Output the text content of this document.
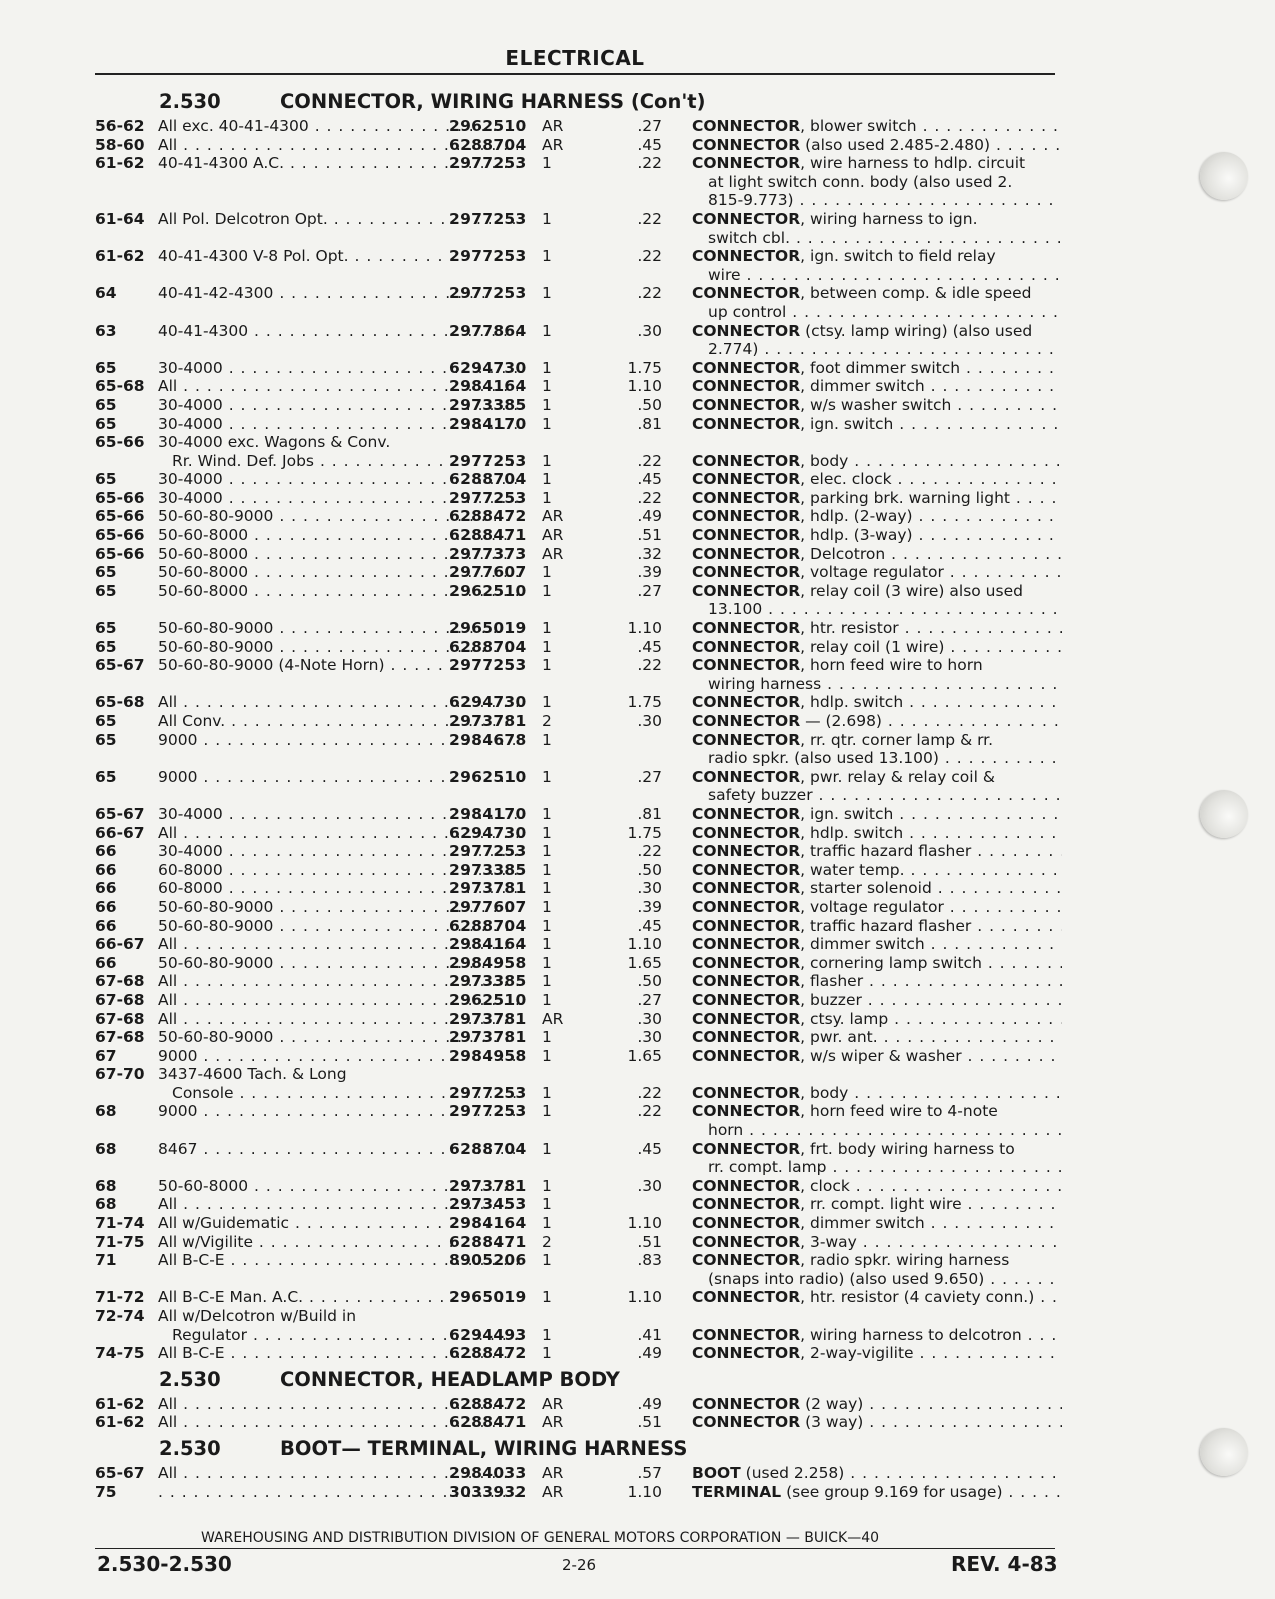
ELECTRICAL
2.530	CONNECTOR, WIRING HARNESS (Con't)
56-62 All exc. 40-41-4300 . . .	2962510 AR	.27 CONNECTOR, blower switch . . .
58-60 All . . .	6288704 AR	.45 CONNECTOR (also used 2.485-2.480) . . .
61-62 40-41-4300 A.C. . . .	2977253 1	.22 CONNECTOR, wire harness to hdlp. circuit
at light switch conn. body (also used 2.
815-9.773) . . .
61-64 All Pol. Delcotron Opt. . . .	2977253 1	.22 CONNECTOR, wiring harness to ign.
switch cbl. . . .
61-62 40-41-4300 V-8 Pol. Opt. . . .	2977253 1	.22 CONNECTOR, ign. switch to field relay
wire . . .
64	40-41-42-4300 . . .	2977253 1	.22 CONNECTOR, between comp. & idle speed
up control . . .
63	40-41-4300 . . .	2977864 1	.30 CONNECTOR (ctsy. lamp wiring) (also used
2.774) . . .
65	30-4000 . . .	6294730 1	1.75 CONNECTOR, foot dimmer switch . . .
65-68 All . . .	2984164 1	1.10 CONNECTOR, dimmer switch . . .
65	30-4000 . . .	2973385 1	.50 CONNECTOR, w/s washer switch . . .
65	30-4000 . . .	2984170 1	.81 CONNECTOR, ign. switch . . .
65-66 30-4000 exc. Wagons & Conv.
Rr. Wind. Def. Jobs . . .	2977253 1	.22 CONNECTOR, body . . .
65	30-4000 . . .	6288704 1	.45 CONNECTOR, elec. clock . . .
65-66 30-4000 . . .	2977253 1	.22 CONNECTOR, parking brk. warning light . . .
65-66 50-60-80-9000 . . .	6288472 AR	.49 CONNECTOR, hdlp. (2-way) . . .
65-66 50-60-8000 . . .	6288471 AR	.51 CONNECTOR, hdlp. (3-way) . . .
65-66 50-60-8000 . . .	2977373 AR	.32 CONNECTOR, Delcotron . . .
65	50-60-8000 . . .	2977607 1	.39 CONNECTOR, voltage regulator . . .
65	50-60-8000 . . .	2962510 1	.27 CONNECTOR, relay coil (3 wire) also used
13.100 . . .
65	50-60-80-9000 . . .	2965019 1	1.10 CONNECTOR, htr. resistor . . .
65	50-60-80-9000 . . .	6288704 1	.45 CONNECTOR, relay coil (1 wire) . . .
65-67 50-60-80-9000 (4-Note Horn) . . .	2977253 1	.22 CONNECTOR, horn feed wire to horn
wiring harness . . .
65-68 All . . .	6294730 1	1.75 CONNECTOR, hdlp. switch . . .
65	All Conv. . . .	2973781 2	.30 CONNECTOR — (2.698) . . .
65	9000 . . .	2984678 1	CONNECTOR, rr. qtr. corner lamp & rr.
radio spkr. (also used 13.100) . . .
65	9000 . . .	2962510 1	.27 CONNECTOR, pwr. relay & relay coil &
safety buzzer . . .
65-67 30-4000 . . .	2984170 1	.81 CONNECTOR, ign. switch . . .
66-67 All . . .	6294730 1	1.75 CONNECTOR, hdlp. switch . . .
66	30-4000 . . .	2977253 1	.22 CONNECTOR, traffic hazard flasher . . .
66	60-8000 . . .	2973385 1	.50 CONNECTOR, water temp. . . .
66	60-8000 . . .	2973781 1	.30 CONNECTOR, starter solenoid . . .
66	50-60-80-9000 . . .	2977607 1	.39 CONNECTOR, voltage regulator . . .
66	50-60-80-9000 . . .	6288704 1	.45 CONNECTOR, traffic hazard flasher . . .
66-67 All . . .	2984164 1	1.10 CONNECTOR, dimmer switch . . .
66	50-60-80-9000 . . .	2984958 1	1.65 CONNECTOR, cornering lamp switch . . .
67-68 All . . .	2973385 1	.50 CONNECTOR, flasher . . .
67-68 All . . .	2962510 1	.27 CONNECTOR, buzzer . . .
67-68 All . . .	2973781 AR	.30 CONNECTOR, ctsy. lamp . . .
67-68 50-60-80-9000 . . .	2973781 1	.30 CONNECTOR, pwr. ant. . . .
67	9000 . . .	2984958 1	1.65 CONNECTOR, w/s wiper & washer . . .
67-70 3437-4600 Tach. & Long
Console . . .	2977253 1	.22 CONNECTOR, body . . .
68	9000 . . .	2977253 1	.22 CONNECTOR, horn feed wire to 4-note
horn . . .
68	8467 . . .	6288704 1	.45 CONNECTOR, frt. body wiring harness to
rr. compt. lamp . . .
68	50-60-8000 . . .	2973781 1	.30 CONNECTOR, clock . . .
68	All . . .	2973453 1	CONNECTOR, rr. compt. light wire . . .
71-74 All w/Guidematic . . .	2984164 1	1.10 CONNECTOR, dimmer switch . . .
71-75 All w/Vigilite . . .	6288471 2	.51 CONNECTOR, 3-way . . .
71	All B-C-E . . .	8905206 1	.83 CONNECTOR, radio spkr. wiring harness
(snaps into radio) (also used 9.650) . . .
71-72 All B-C-E Man. A.C. . . .	2965019 1	1.10 CONNECTOR, htr. resistor (4 caviety conn.) . . .
72-74 All w/Delcotron w/Build in
Regulator . . .	6294493 1	.41 CONNECTOR, wiring harness to delcotron . . .
74-75 All B-C-E . . .	6288472 1	.49 CONNECTOR, 2-way-vigilite . . .
2.530	CONNECTOR, HEADLAMP BODY
61-62 All . . .	6288472 AR	.49 CONNECTOR (2 way) . . .
61-62 All . . .	6288471 AR	.51 CONNECTOR (3 way) . . .
2.530	BOOT— TERMINAL, WIRING HARNESS
65-67 All . . .	2984033 AR	.57 BOOT (used 2.258) . . .
75 . . .	3033932 AR	1.10 TERMINAL (see group 9.169 for usage) . . .
WAREHOUSING AND DISTRIBUTION DIVISION OF GENERAL MOTORS CORPORATION — BUICK—40
2.530-2.530	2-26	REV. 4-83
